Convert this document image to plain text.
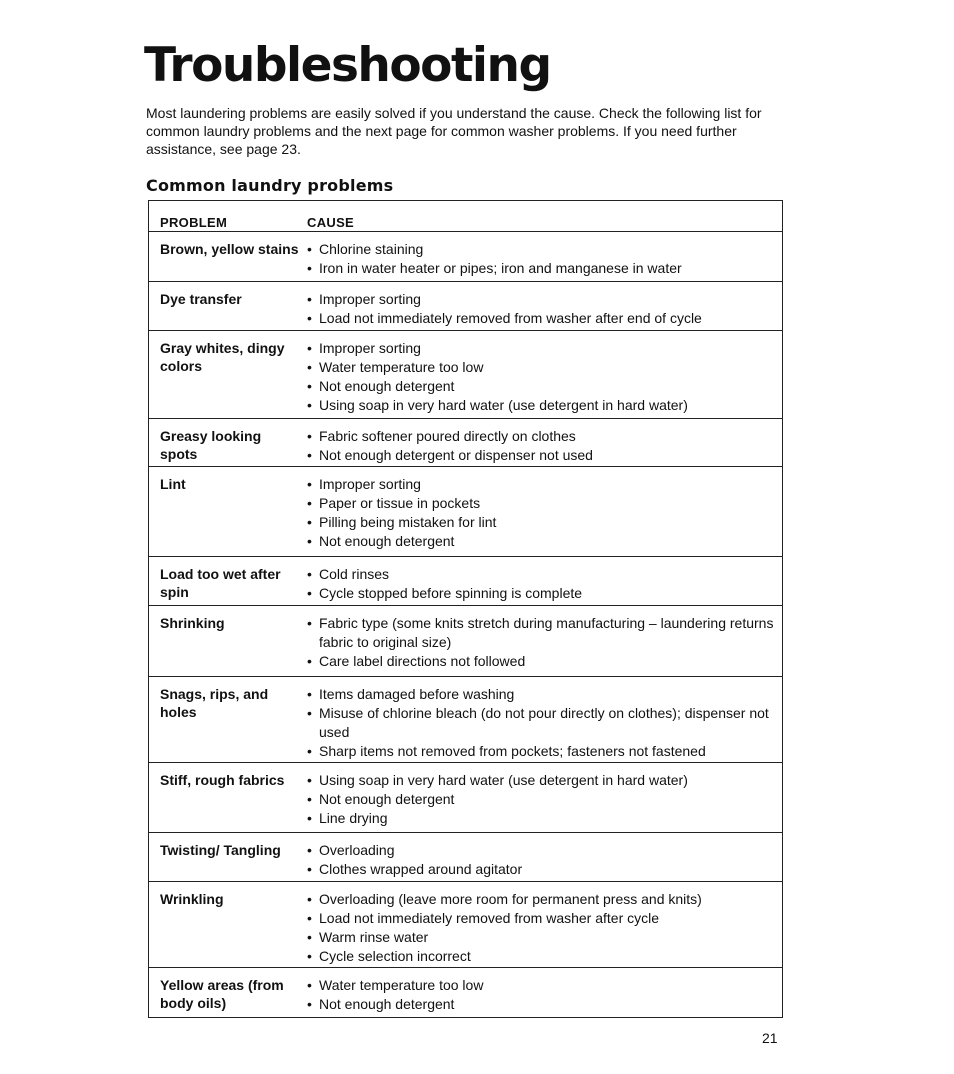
Troubleshooting

Most laundering problems are easily solved if you understand the cause. Check the following list for common laundry problems and the next page for common washer problems. If you need further assistance, see page 23.

Common laundry problems
PROBLEM	CAUSE
Brown, yellow stains	• Chlorine staining
• Iron in water heater or pipes; iron and manganese in water
Dye transfer	• Improper sorting
• Load not immediately removed from washer after end of cycle
Gray whites, dingy colors
• Improper sorting
• Water temperature too low
• Not enough detergent
• Using soap in very hard water (use detergent in hard water)
Greasy looking spots
• Fabric softener poured directly on clothes
• Not enough detergent or dispenser not used
Lint	• Improper sorting
• Paper or tissue in pockets
• Pilling being mistaken for lint
• Not enough detergent
Load too wet after spin
• Cold rinses
• Cycle stopped before spinning is complete
Shrinking	• Fabric type (some knits stretch during manufacturing – laundering returns fabric to original size)
• Care label directions not followed
Snags, rips, and holes
• Items damaged before washing
• Misuse of chlorine bleach (do not pour directly on clothes); dispenser not used
• Sharp items not removed from pockets; fasteners not fastened
Stiff, rough fabrics	• Using soap in very hard water (use detergent in hard water)
• Not enough detergent
• Line drying
Twisting/ Tangling	• Overloading
• Clothes wrapped around agitator
Wrinkling	• Overloading (leave more room for permanent press and knits)
• Load not immediately removed from washer after cycle
• Warm rinse water
• Cycle selection incorrect
Yellow areas (from body oils)
• Water temperature too low
• Not enough detergent

21
